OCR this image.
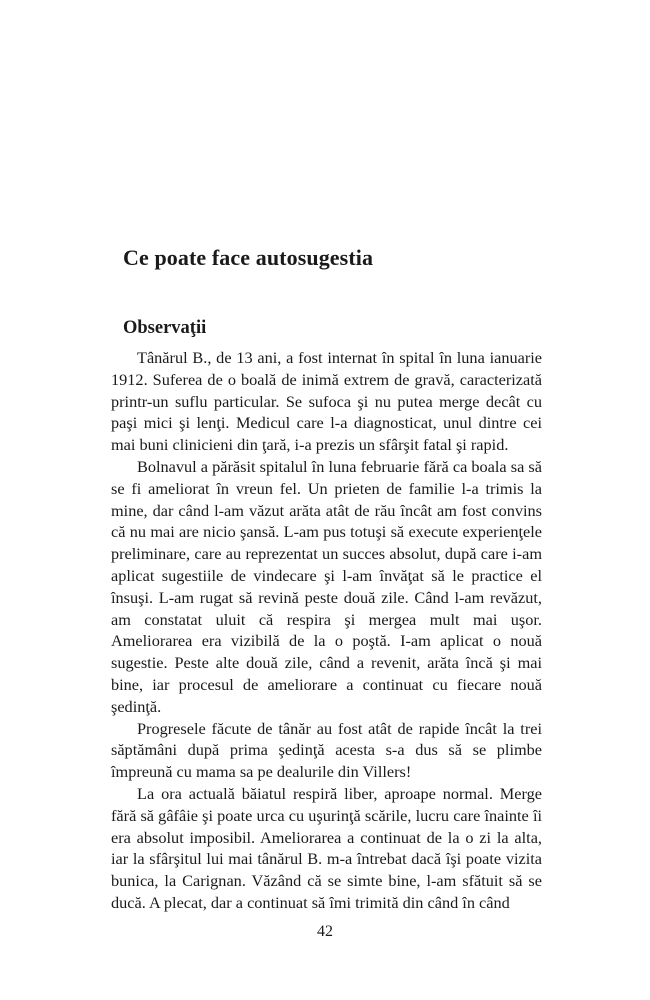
Ce poate face autosugestia
Observaţii

Tânărul B., de 13 ani, a fost internat în spital în luna ianuarie 1912. Suferea de o boală de inimă extrem de gravă, caracterizată printr-un suflu particular. Se sufoca şi nu putea merge decât cu paşi mici şi lenţi. Medicul care l-a diagnosticat, unul dintre cei mai buni clinicieni din ţară, i-a prezis un sfârşit fatal şi rapid.

Bolnavul a părăsit spitalul în luna februarie fără ca boala sa să se fi ameliorat în vreun fel. Un prieten de familie l-a trimis la mine, dar când l-am văzut arăta atât de rău încât am fost convins că nu mai are nicio şansă. L-am pus totuşi să execute experienţele preliminare, care au reprezentat un succes absolut, după care i-am aplicat sugestiile de vindecare şi l-am învăţat să le practice el însuşi. L-am rugat să revină peste două zile. Când l-am revăzut, am constatat uluit că respira şi mergea mult mai uşor. Ameliorarea era vizibilă de la o poştă. I-am aplicat o nouă sugestie. Peste alte două zile, când a revenit, arăta încă şi mai bine, iar procesul de ameliorare a continuat cu fiecare nouă şedinţă.

Progresele făcute de tânăr au fost atât de rapide încât la trei săptămâni după prima şedinţă acesta s-a dus să se plimbe împreună cu mama sa pe dealurile din Villers!

La ora actuală băiatul respiră liber, aproape normal. Merge fără să gâfâie şi poate urca cu uşurinţă scările, lucru care înainte îi era absolut imposibil. Ameliorarea a continuat de la o zi la alta, iar la sfârşitul lui mai tânărul B. m-a întrebat dacă îşi poate vizita bunica, la Carignan. Văzând că se simte bine, l-am sfătuit să se ducă. A plecat, dar a continuat să îmi trimită din când în când

42
